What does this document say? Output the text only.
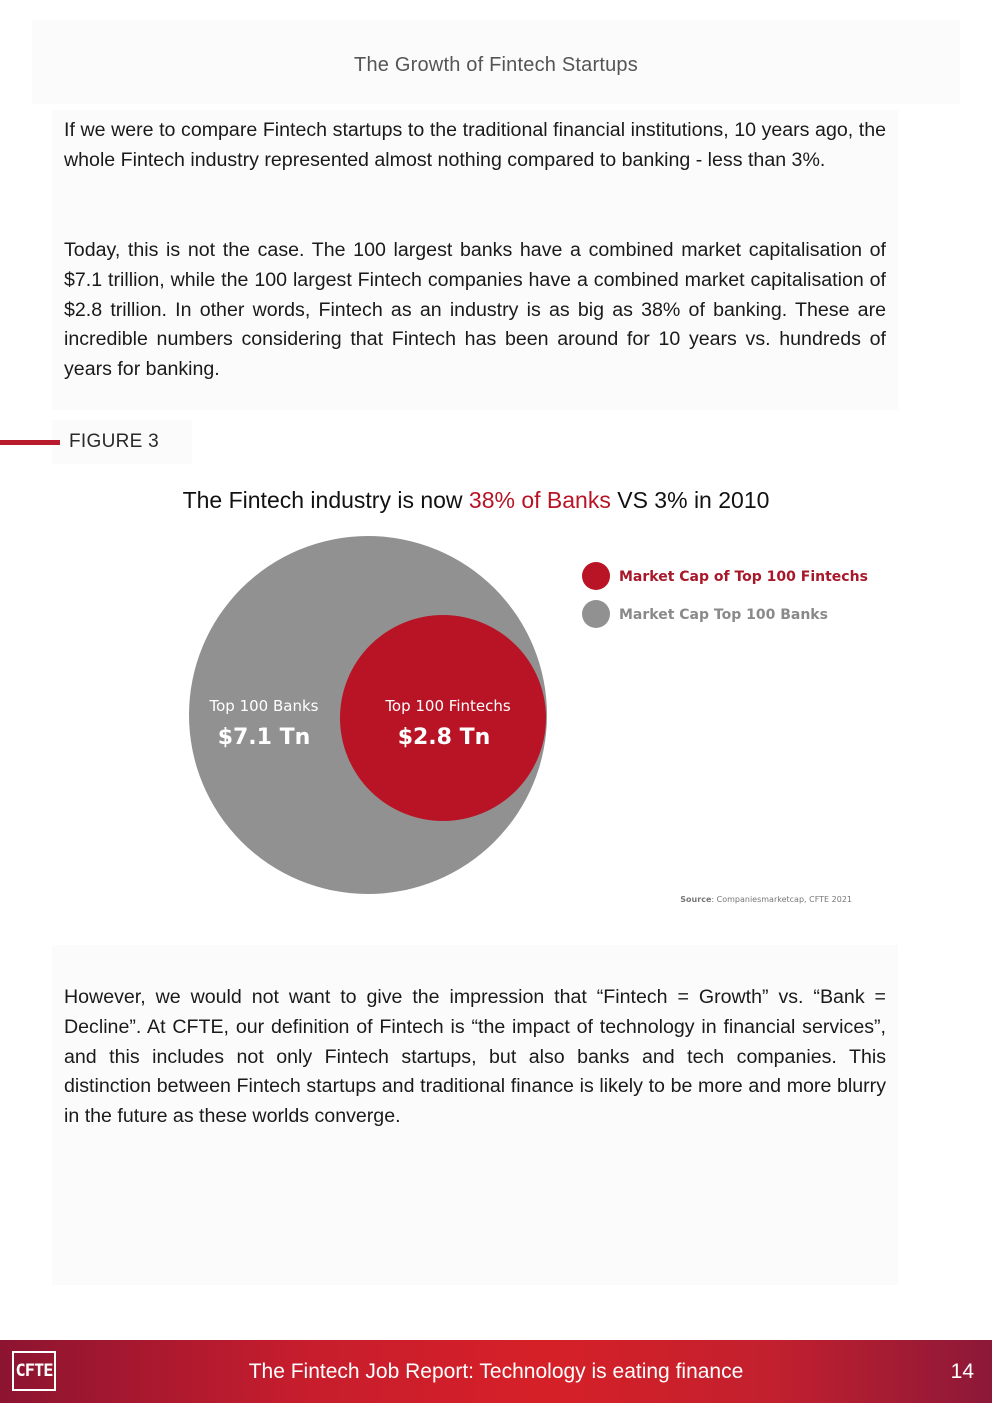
The Growth of Fintech Startups
If we were to compare Fintech startups to the traditional financial institutions, 10 years ago, the whole Fintech industry represented almost nothing compared to banking - less than 3%.
Today, this is not the case. The 100 largest banks have a combined market capitalisation of $7.1 trillion, while the 100 largest Fintech companies have a combined market capitalisation of $2.8 trillion. In other words, Fintech as an industry is as big as 38% of banking. These are incredible numbers considering that Fintech has been around for 10 years vs. hundreds of years for banking.
FIGURE 3
The Fintech industry is now 38% of Banks VS 3% in 2010
Top 100 Banks
$7.1 Tn
Top 100 Fintechs
$2.8 Tn
Market Cap of Top 100 Fintechs
Market Cap Top 100 Banks
Source: Companiesmarketcap, CFTE 2021
However, we would not want to give the impression that “Fintech = Growth” vs. “Bank = Decline”. At CFTE, our definition of Fintech is “the impact of technology in financial services”, and this includes not only Fintech startups, but also banks and tech companies. This distinction between Fintech startups and traditional finance is likely to be more and more blurry in the future as these worlds converge.
CFTE	The Fintech Job Report: Technology is eating finance	14
